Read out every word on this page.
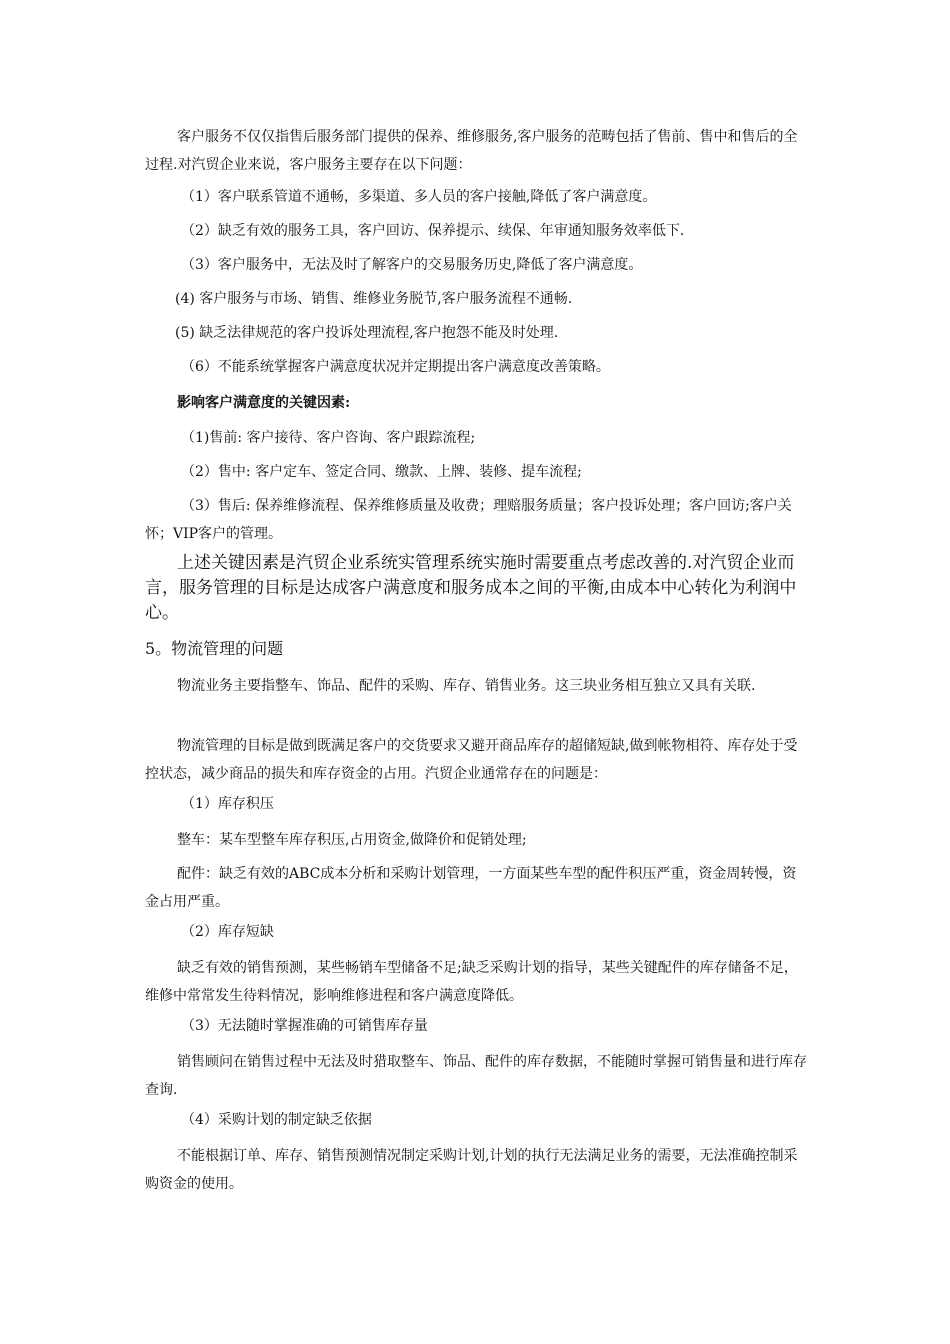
客户服务不仅仅指售后服务部门提供的保养、维修服务,客户服务的范畴包括了售前、售中和售后的全过程.对汽贸企业来说，客户服务主要存在以下问题：
（1）客户联系管道不通畅，多渠道、多人员的客户接触,降低了客户满意度。
（2）缺乏有效的服务工具，客户回访、保养提示、续保、年审通知服务效率低下.
（3）客户服务中，无法及时了解客户的交易服务历史,降低了客户满意度。
(4) 客户服务与市场、销售、维修业务脱节,客户服务流程不通畅.
(5) 缺乏法律规范的客户投诉处理流程,客户抱怨不能及时处理.
（6）不能系统掌握客户满意度状况并定期提出客户满意度改善策略。
影响客户满意度的关键因素:
（1)售前: 客户接待、客户咨询、客户跟踪流程;
（2）售中: 客户定车、签定合同、缴款、上牌、装修、提车流程;
（3）售后: 保养维修流程、保养维修质量及收费；理赔服务质量；客户投诉处理；客户回访;客户关怀；VIP客户的管理。
上述关键因素是汽贸企业系统实管理系统实施时需要重点考虑改善的.对汽贸企业而言，服务管理的目标是达成客户满意度和服务成本之间的平衡,由成本中心转化为利润中心。
5。物流管理的问题
物流业务主要指整车、饰品、配件的采购、库存、销售业务。这三块业务相互独立又具有关联.
物流管理的目标是做到既满足客户的交货要求又避开商品库存的超储短缺,做到帐物相符、库存处于受控状态，减少商品的损失和库存资金的占用。汽贸企业通常存在的问题是：
（1）库存积压
整车：某车型整车库存积压,占用资金,做降价和促销处理;
配件：缺乏有效的ABC成本分析和采购计划管理，一方面某些车型的配件积压严重，资金周转慢，资金占用严重。
（2）库存短缺
缺乏有效的销售预测，某些畅销车型储备不足;缺乏采购计划的指导，某些关键配件的库存储备不足，维修中常常发生待料情况，影响维修进程和客户满意度降低。
（3）无法随时掌握准确的可销售库存量
销售顾问在销售过程中无法及时猎取整车、饰品、配件的库存数据，不能随时掌握可销售量和进行库存查询.
（4）采购计划的制定缺乏依据
不能根据订单、库存、销售预测情况制定采购计划,计划的执行无法满足业务的需要，无法准确控制采购资金的使用。
